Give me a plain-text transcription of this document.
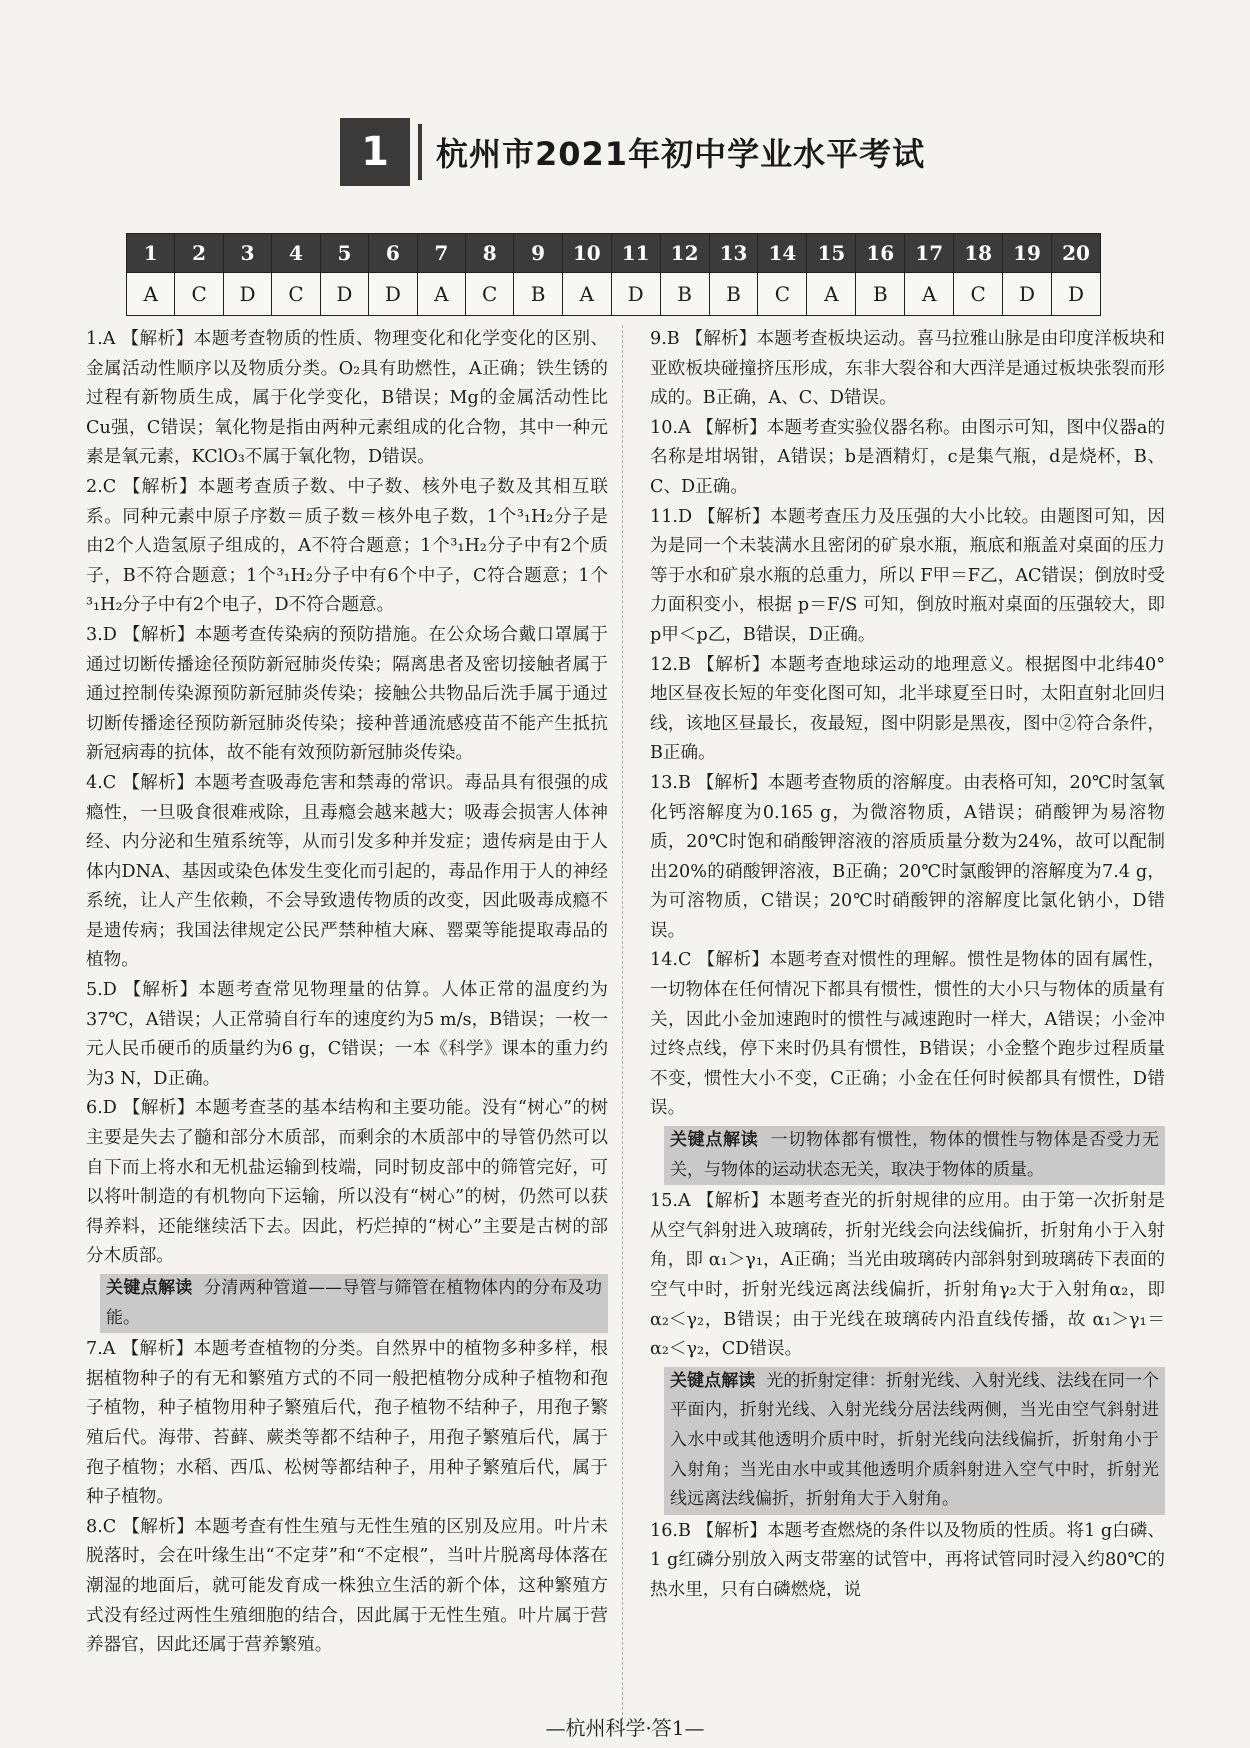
1	杭州市2021年初中学业水平考试
1	2	3	4	5	6	7	8	9	10	11	12	13	14	15	16	17	18	19	20
A	C	D	C	D	D	A	C	B	A	D	B	B	C	A	B	A	C	D	D

1.A 【解析】本题考查物质的性质、物理变化和化学变化的区别、金属活动性顺序以及物质分类。O₂具有助燃性，A正确；铁生锈的过程有新物质生成，属于化学变化，B错误；Mg的金属活动性比Cu强，C错误；氧化物是指由两种元素组成的化合物，其中一种元素是氧元素，KClO₃不属于氧化物，D错误。

2.C 【解析】本题考查质子数、中子数、核外电子数及其相互联系。同种元素中原子序数＝质子数＝核外电子数，1个³₁H₂分子是由2个人造氢原子组成的，A不符合题意；1个³₁H₂分子中有2个质子，B不符合题意；1个³₁H₂分子中有6个中子，C符合题意；1个³₁H₂分子中有2个电子，D不符合题意。

3.D 【解析】本题考查传染病的预防措施。在公众场合戴口罩属于通过切断传播途径预防新冠肺炎传染；隔离患者及密切接触者属于通过控制传染源预防新冠肺炎传染；接触公共物品后洗手属于通过切断传播途径预防新冠肺炎传染；接种普通流感疫苗不能产生抵抗新冠病毒的抗体，故不能有效预防新冠肺炎传染。

4.C 【解析】本题考查吸毒危害和禁毒的常识。毒品具有很强的成瘾性，一旦吸食很难戒除，且毒瘾会越来越大；吸毒会损害人体神经、内分泌和生殖系统等，从而引发多种并发症；遗传病是由于人体内DNA、基因或染色体发生变化而引起的，毒品作用于人的神经系统，让人产生依赖，不会导致遗传物质的改变，因此吸毒成瘾不是遗传病；我国法律规定公民严禁种植大麻、罂粟等能提取毒品的植物。

5.D 【解析】本题考查常见物理量的估算。人体正常的温度约为37℃，A错误；人正常骑自行车的速度约为5 m/s，B错误；一枚一元人民币硬币的质量约为6 g，C错误；一本《科学》课本的重力约为3 N，D正确。

6.D 【解析】本题考查茎的基本结构和主要功能。没有“树心”的树主要是失去了髓和部分木质部，而剩余的木质部中的导管仍然可以自下而上将水和无机盐运输到枝端，同时韧皮部中的筛管完好，可以将叶制造的有机物向下运输，所以没有“树心”的树，仍然可以获得养料，还能继续活下去。因此，朽烂掉的“树心”主要是古树的部分木质部。

关键点解读 分清两种管道——导管与筛管在植物体内的分布及功能。

7.A 【解析】本题考查植物的分类。自然界中的植物多种多样，根据植物种子的有无和繁殖方式的不同一般把植物分成种子植物和孢子植物，种子植物用种子繁殖后代，孢子植物不结种子，用孢子繁殖后代。海带、苔藓、蕨类等都不结种子，用孢子繁殖后代，属于孢子植物；水稻、西瓜、松树等都结种子，用种子繁殖后代，属于种子植物。

8.C 【解析】本题考查有性生殖与无性生殖的区别及应用。叶片未脱落时，会在叶缘生出“不定芽”和“不定根”，当叶片脱离母体落在潮湿的地面后，就可能发育成一株独立生活的新个体，这种繁殖方式没有经过两性生殖细胞的结合，因此属于无性生殖。叶片属于营养器官，因此还属于营养繁殖。

9.B 【解析】本题考查板块运动。喜马拉雅山脉是由印度洋板块和亚欧板块碰撞挤压形成，东非大裂谷和大西洋是通过板块张裂而形成的。B正确，A、C、D错误。

10.A 【解析】本题考查实验仪器名称。由图示可知，图中仪器a的名称是坩埚钳，A错误；b是酒精灯，c是集气瓶，d是烧杯，B、C、D正确。

11.D 【解析】本题考查压力及压强的大小比较。由题图可知，因为是同一个未装满水且密闭的矿泉水瓶，瓶底和瓶盖对桌面的压力等于水和矿泉水瓶的总重力，所以 F甲＝F乙，AC错误；倒放时受力面积变小，根据 p＝F/S 可知，倒放时瓶对桌面的压强较大，即 p甲＜p乙，B错误，D正确。

12.B 【解析】本题考查地球运动的地理意义。根据图中北纬40°地区昼夜长短的年变化图可知，北半球夏至日时，太阳直射北回归线，该地区昼最长，夜最短，图中阴影是黑夜，图中②符合条件，B正确。

13.B 【解析】本题考查物质的溶解度。由表格可知，20℃时氢氧化钙溶解度为0.165 g，为微溶物质，A错误；硝酸钾为易溶物质，20℃时饱和硝酸钾溶液的溶质质量分数为24%，故可以配制出20%的硝酸钾溶液，B正确；20℃时氯酸钾的溶解度为7.4 g，为可溶物质，C错误；20℃时硝酸钾的溶解度比氯化钠小，D错误。

14.C 【解析】本题考查对惯性的理解。惯性是物体的固有属性，一切物体在任何情况下都具有惯性，惯性的大小只与物体的质量有关，因此小金加速跑时的惯性与减速跑时一样大，A错误；小金冲过终点线，停下来时仍具有惯性，B错误；小金整个跑步过程质量不变，惯性大小不变，C正确；小金在任何时候都具有惯性，D错误。

关键点解读 一切物体都有惯性，物体的惯性与物体是否受力无关，与物体的运动状态无关，取决于物体的质量。

15.A 【解析】本题考查光的折射规律的应用。由于第一次折射是从空气斜射进入玻璃砖，折射光线会向法线偏折，折射角小于入射角，即 α₁＞γ₁，A正确；当光由玻璃砖内部斜射到玻璃砖下表面的空气中时，折射光线远离法线偏折，折射角γ₂大于入射角α₂，即 α₂＜γ₂，B错误；由于光线在玻璃砖内沿直线传播，故 α₁＞γ₁＝α₂＜γ₂，CD错误。

关键点解读 光的折射定律：折射光线、入射光线、法线在同一个平面内，折射光线、入射光线分居法线两侧，当光由空气斜射进入水中或其他透明介质中时，折射光线向法线偏折，折射角小于入射角；当光由水中或其他透明介质斜射进入空气中时，折射光线远离法线偏折，折射角大于入射角。

16.B 【解析】本题考查燃烧的条件以及物质的性质。将1 g白磷、1 g红磷分别放入两支带塞的试管中，再将试管同时浸入约80℃的热水里，只有白磷燃烧，说

—杭州科学·答1—
